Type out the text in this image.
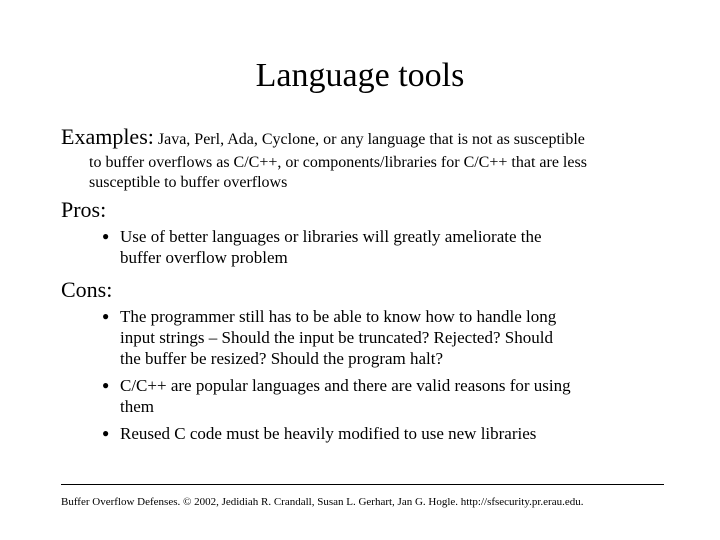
Language tools
Examples: Java, Perl, Ada, Cyclone, or any language that is not as susceptible
to buffer overflows as C/C++, or components/libraries for C/C++ that are less
susceptible to buffer overflows
Pros:
● Use of better languages or libraries will greatly ameliorate the
buffer overflow problem
Cons:
● The programmer still has to be able to know how to handle long
input strings – Should the input be truncated? Rejected? Should
the buffer be resized? Should the program halt?
● C/C++ are popular languages and there are valid reasons for using
them
● Reused C code must be heavily modified to use new libraries
Buffer Overflow Defenses. © 2002, Jedidiah R. Crandall, Susan L. Gerhart, Jan G. Hogle. http://sfsecurity.pr.erau.edu.
